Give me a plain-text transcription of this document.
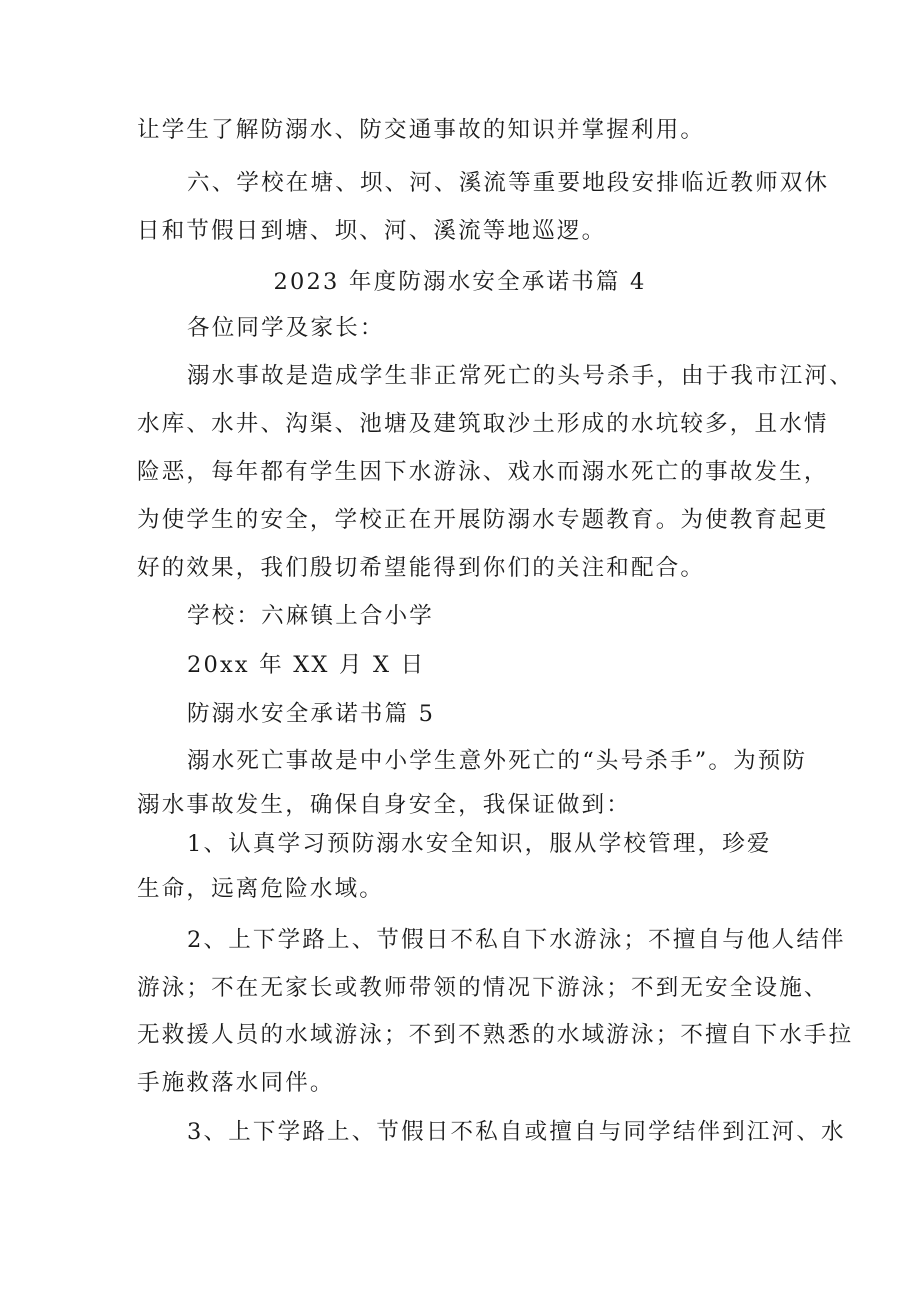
让学生了解防溺水、防交通事故的知识并掌握利用。

六、学校在塘、坝、河、溪流等重要地段安排临近教师双休

日和节假日到塘、坝、河、溪流等地巡逻。

2023 年度防溺水安全承诺书篇 4

各位同学及家长：

溺水事故是造成学生非正常死亡的头号杀手，由于我市江河、

水库、水井、沟渠、池塘及建筑取沙土形成的水坑较多，且水情

险恶，每年都有学生因下水游泳、戏水而溺水死亡的事故发生，

为使学生的安全，学校正在开展防溺水专题教育。为使教育起更

好的效果，我们殷切希望能得到你们的关注和配合。

学校：六麻镇上合小学

20xx 年 XX 月 X 日

防溺水安全承诺书篇 5

溺水死亡事故是中小学生意外死亡的“头号杀手”。为预防

溺水事故发生，确保自身安全，我保证做到：

1、认真学习预防溺水安全知识，服从学校管理，珍爱

生命，远离危险水域。

2、上下学路上、节假日不私自下水游泳；不擅自与他人结伴

游泳；不在无家长或教师带领的情况下游泳；不到无安全设施、

无救援人员的水域游泳；不到不熟悉的水域游泳；不擅自下水手拉

手施救落水同伴。

3、上下学路上、节假日不私自或擅自与同学结伴到江河、水
